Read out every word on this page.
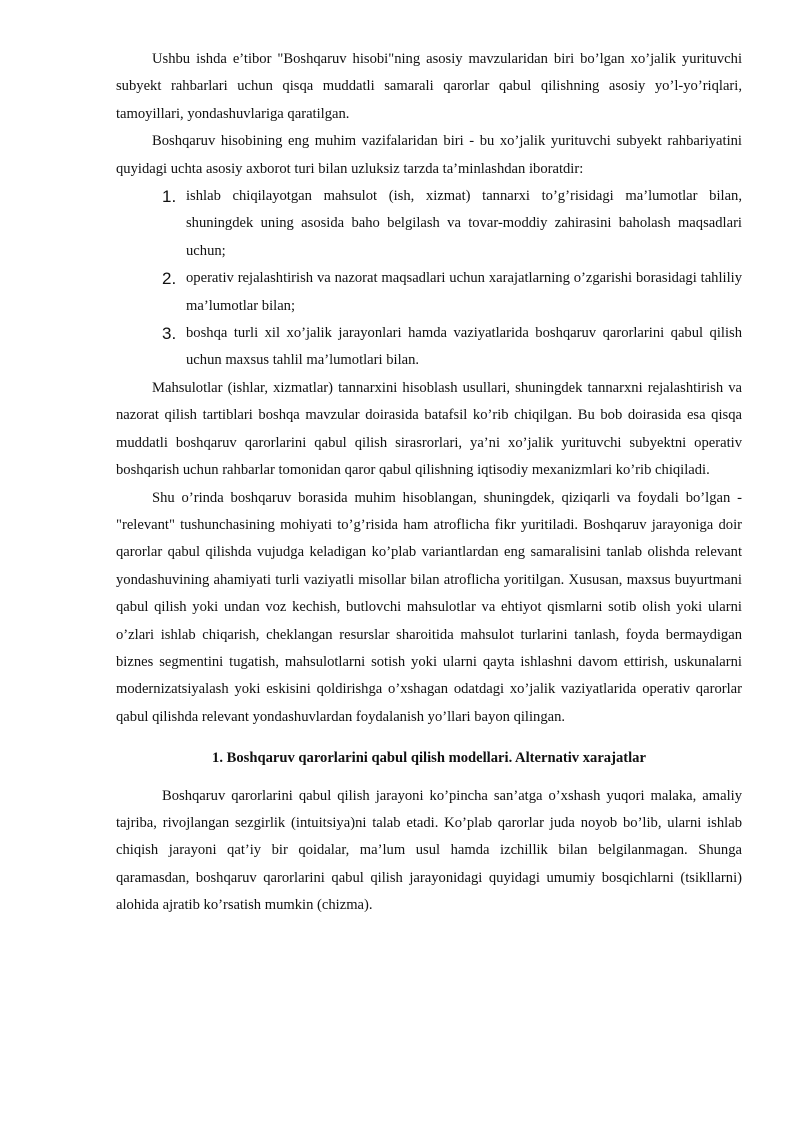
Ushbu ishda e’tibor "Boshqaruv hisobi"ning asosiy mavzularidan biri bo’lgan xo’jalik yurituvchi subyekt rahbarlari uchun qisqa muddatli samarali qarorlar qabul qilishning asosiy yo’l-yo’riqlari, tamoyillari, yondashuvlariga qaratilgan.

Boshqaruv hisobining eng muhim vazifalaridan biri - bu xo’jalik yurituvchi subyekt rahbariyatini quyidagi uchta asosiy axborot turi bilan uzluksiz tarzda ta’minlashdan iboratdir:

1. ishlab chiqilayotgan mahsulot (ish, xizmat) tannarxi to’g’risidagi ma’lumotlar bilan, shuningdek uning asosida baho belgilash va tovar-moddiy zahirasini baholash maqsadlari uchun;
2. operativ rejalashtirish va nazorat maqsadlari uchun xarajatlarning o’zgarishi borasidagi tahliliy ma’lumotlar bilan;
3. boshqa turli xil xo’jalik jarayonlari hamda vaziyatlarida boshqaruv qarorlarini qabul qilish uchun maxsus tahlil ma’lumotlari bilan.

Mahsulotlar (ishlar, xizmatlar) tannarxini hisoblash usullari, shuningdek tannarxni rejalashtirish va nazorat qilish tartiblari boshqa mavzular doirasida batafsil ko’rib chiqilgan. Bu bob doirasida esa qisqa muddatli boshqaruv qarorlarini qabul qilish sirasrorlari, ya’ni xo’jalik yurituvchi subyektni operativ boshqarish uchun rahbarlar tomonidan qaror qabul qilishning iqtisodiy mexanizmlari ko’rib chiqiladi.

Shu o’rinda boshqaruv borasida muhim hisoblangan, shuningdek, qiziqarli va foydali bo’lgan - "relevant" tushunchasining mohiyati to’g’risida ham atroflicha fikr yuritiladi. Boshqaruv jarayoniga doir qarorlar qabul qilishda vujudga keladigan ko’plab variantlardan eng samaralisini tanlab olishda relevant yondashuvining ahamiyati turli vaziyatli misollar bilan atroflicha yoritilgan. Xususan, maxsus buyurtmani qabul qilish yoki undan voz kechish, butlovchi mahsulotlar va ehtiyot qismlarni sotib olish yoki ularni o’zlari ishlab chiqarish, cheklangan resurslar sharoitida mahsulot turlarini tanlash, foyda bermaydigan biznes segmentini tugatish, mahsulotlarni sotish yoki ularni qayta ishlashni davom ettirish, uskunalarni modernizatsiyalash yoki eskisini qoldirishga o’xshagan odatdagi xo’jalik vaziyatlarida operativ qarorlar qabul qilishda relevant yondashuvlardan foydalanish yo’llari bayon qilingan.

1. Boshqaruv qarorlarini qabul qilish modellari. Alternativ xarajatlar

Boshqaruv qarorlarini qabul qilish jarayoni ko’pincha san’atga o’xshash yuqori malaka, amaliy tajriba, rivojlangan sezgirlik (intuitsiya)ni talab etadi. Ko’plab qarorlar juda noyob bo’lib, ularni ishlab chiqish jarayoni qat’iy bir qoidalar, ma’lum usul hamda izchillik bilan belgilanmagan. Shunga qaramasdan, boshqaruv qarorlarini qabul qilish jarayonidagi quyidagi umumiy bosqichlarni (tsikllarni) alohida ajratib ko’rsatish mumkin (chizma).
